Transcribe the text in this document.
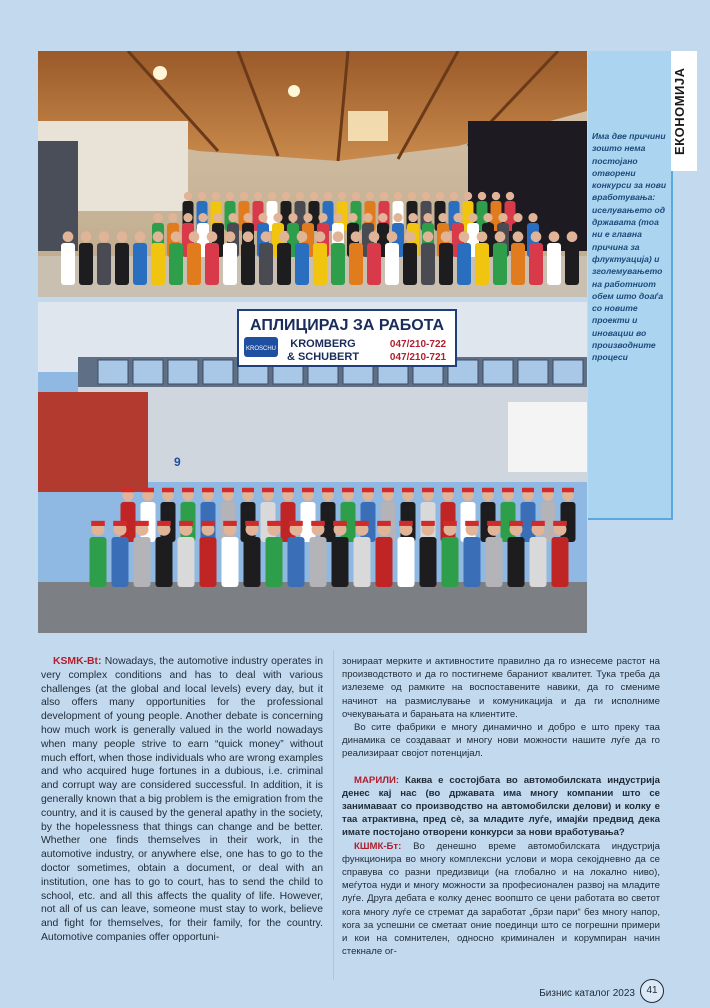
АПЛИЦИРАЈ ЗА РАБОТА
KROSCHU KROMBERG
& SCHUBERT
047/210-722
047/210-721
9
ЕКОНОМИЈА
Има две причини зошто нема постојано отворени конкурси за нови вработувања: иселувањето од државата (тоа ни е главна причина за флуктуација) и зголемувањето на работниот обем што доаѓа со новите проекти и иновации во производните процеси

KSMK-Bt: Nowadays, the automotive industry operates in very complex conditions and has to deal with various challenges (at the global and local levels) every day, but it also offers many opportunities for the professional development of young people. Another debate is concerning how much work is generally valued in the world nowadays when many people strive to earn “quick money” without much effort, when those individuals who are wrong examples and who acquired huge fortunes in a dubious, i.e. criminal and corrupt way are considered successful. In addition, it is generally known that a big problem is the emigration from the country, and it is caused by the general apathy in the society, by the hopelessness that things can change and be better. Whether one finds themselves in their work, in the automotive industry, or anywhere else, one has to go to the doctor sometimes, obtain a document, or deal with an institution, one has to go to court, has to send the child to school, etc. and all this affects the quality of life. However, not all of us can leave, someone must stay to work, believe and fight for themselves, for their family, for the country. Automotive companies offer opportuni-

зонираат мерките и активностите правилно да го изнесеме растот на производството и да го постигнеме бараниот квалитет. Тука треба да излеземе од рамките на воспоставените навики, да го смениме начинот на размислување и комуникација и да ги исполниме очекувањата и барањата на клиентите.

Во сите фабрики е многу динамично и добро е што преку таа динамика се создаваат и многу нови можности нашите луѓе да го реализираат својот потенцијал.

МАРИЛИ: Каква е состојбата во автомобилската индустрија денес кај нас (во државата има многу компании што се занимаваат со производство на автомобилски делови) и колку е таа атрактивна, пред сè, за младите луѓе, имајќи предвид дека имате постојано отворени конкурси за нови вработувања?

КШМК-Бт: Во денешно време автомобилската индустрија функционира во многу комплексни услови и мора секојдневно да се справува со разни предизвици (на глобално и на локално ниво), меѓутоа нуди и многу можности за професионален развој на младите луѓе. Друга дебата е колку денес воопшто се цени работата во светот кога многу луѓе се стремат да заработат „брзи пари“ без многу напор, кога за успешни се сметаат оние поединци што се погрешни примери и кои на сомнителен, односно криминален и корумпиран начин стекнале ог-

Бизнис каталог 2023	41
